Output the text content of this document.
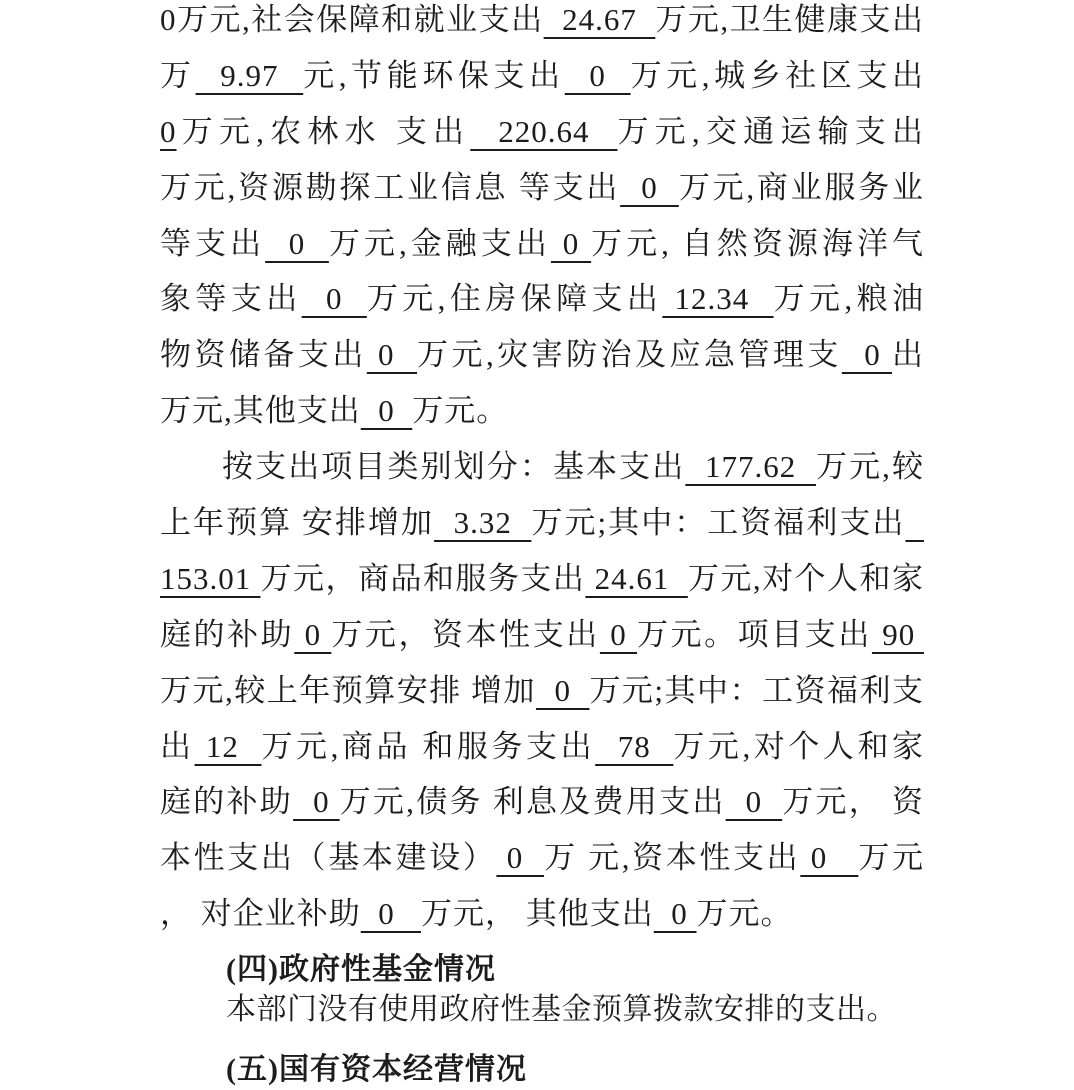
0万元,社会保障和就业支出  24.67  万元,卫生健康支出
万  9.97  元,节能环保支出  0  万元,城乡社区支出
0万元,农林水 支出  220.64  万元,交通运输支出
万元,资源勘探工业信息 等支出  0  万元,商业服务业
等支出  0  万元,金融支出 0 万元, 自然资源海洋气
象等支出  0  万元,住房保障支出 12.34  万元,粮油
物资储备支出 0  万元,灾害防治及应急管理支  0 出
万元,其他支出  0  万元。
按支出项目类别划分：基本支出  177.62  万元,较
上年预算 安排增加  3.32  万元;其中：工资福利支出
153.01 万元，商品和服务支出 24.61  万元,对个人和家
庭的补助 0 万元，资本性支出 0 万元。项目支出 90
万元,较上年预算安排 增加  0  万元;其中：工资福利支
出 12  万元,商品 和服务支出  78  万元,对个人和家
庭的补助  0 万元,债务 利息及费用支出  0  万元， 资
本性支出（基本建设） 0  万 元,资本性支出 0   万元
， 对企业补助  0   万元， 其他支出  0 万元。
(四)政府性基金情况
本部门没有使用政府性基金预算拨款安排的支出。
(五)国有资本经营情况
